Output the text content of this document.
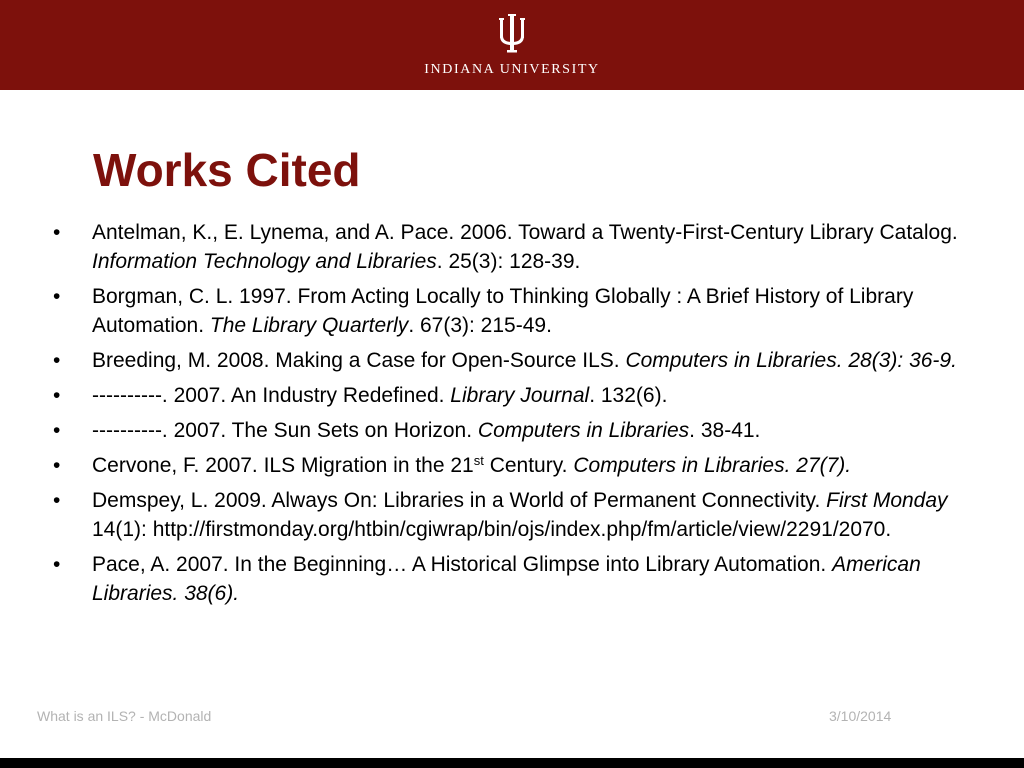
INDIANA UNIVERSITY
Works Cited
• Antelman, K., E. Lynema, and A. Pace. 2006. Toward a Twenty-First-Century Library Catalog. Information Technology and Libraries. 25(3): 128-39.
• Borgman, C. L. 1997. From Acting Locally to Thinking Globally : A Brief History of Library Automation. The Library Quarterly. 67(3): 215-49.
• Breeding, M. 2008. Making a Case for Open-Source ILS. Computers in Libraries. 28(3): 36-9.
• ----------. 2007. An Industry Redefined. Library Journal. 132(6).
• ----------. 2007. The Sun Sets on Horizon. Computers in Libraries. 38-41.
• Cervone, F. 2007. ILS Migration in the 21st Century. Computers in Libraries. 27(7).
• Demspey, L. 2009. Always On: Libraries in a World of Permanent Connectivity. First Monday 14(1): http://firstmonday.org/htbin/cgiwrap/bin/ojs/index.php/fm/article/view/2291/2070.
• Pace, A. 2007. In the Beginning… A Historical Glimpse into Library Automation. American Libraries. 38(6).
What is an ILS? - McDonald	3/10/2014
